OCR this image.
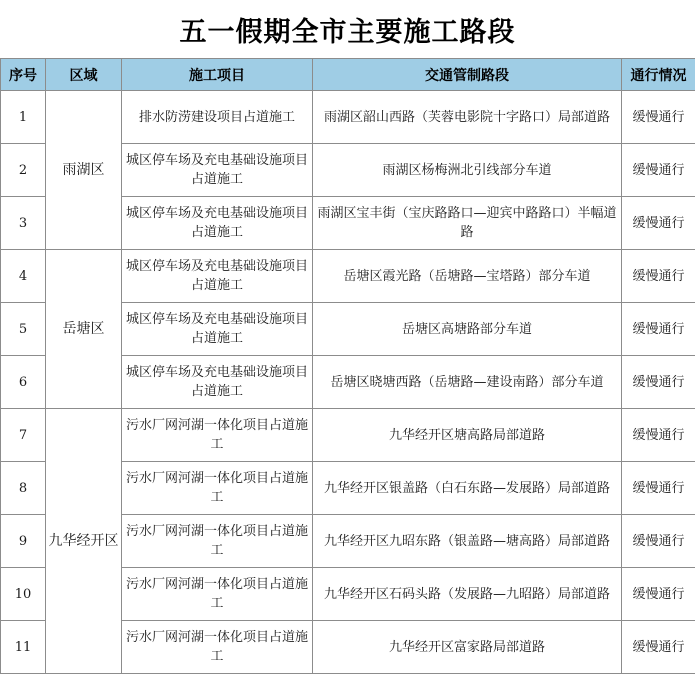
五一假期全市主要施工路段
序号	区域	施工项目	交通管制路段	通行情况
1	雨湖区	排水防涝建设项目占道施工	雨湖区韶山西路（芙蓉电影院十字路口）局部道路	缓慢通行
2		城区停车场及充电基础设施项目占道施工	雨湖区杨梅洲北引线部分车道	缓慢通行
3		城区停车场及充电基础设施项目占道施工	雨湖区宝丰街（宝庆路路口—迎宾中路路口）半幅道路	缓慢通行
4	岳塘区	城区停车场及充电基础设施项目占道施工	岳塘区霞光路（岳塘路—宝塔路）部分车道	缓慢通行
5		城区停车场及充电基础设施项目占道施工	岳塘区高塘路部分车道	缓慢通行
6		城区停车场及充电基础设施项目占道施工	岳塘区晓塘西路（岳塘路—建设南路）部分车道	缓慢通行
7	九华经开区	污水厂网河湖一体化项目占道施工	九华经开区塘高路局部道路	缓慢通行
8		污水厂网河湖一体化项目占道施工	九华经开区银盖路（白石东路—发展路）局部道路	缓慢通行
9		污水厂网河湖一体化项目占道施工	九华经开区九昭东路（银盖路—塘高路）局部道路	缓慢通行
10		污水厂网河湖一体化项目占道施工	九华经开区石码头路（发展路—九昭路）局部道路	缓慢通行
11		污水厂网河湖一体化项目占道施工	九华经开区富家路局部道路	缓慢通行
